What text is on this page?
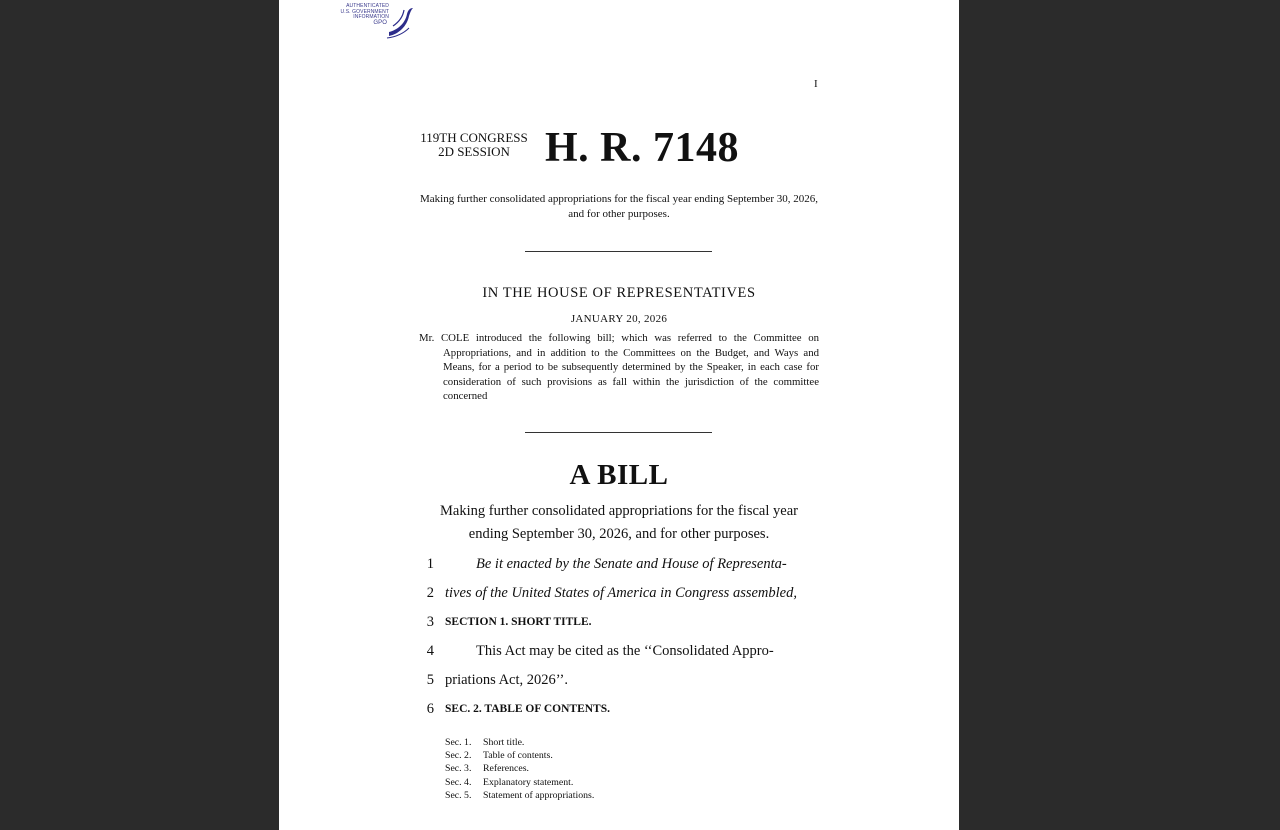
AUTHENTICATED
U.S. GOVERNMENT
INFORMATION
GPO
I
119TH CONGRESS
2D SESSION H. R. 7148
Making further consolidated appropriations for the fiscal year ending September 30, 2026, and for other purposes.
IN THE HOUSE OF REPRESENTATIVES
JANUARY 20, 2026
Mr. COLE introduced the following bill; which was referred to the Committee on Appropriations, and in addition to the Committees on the Budget, and Ways and Means, for a period to be subsequently determined by the Speaker, in each case for consideration of such provisions as fall within the jurisdiction of the committee concerned
A BILL
Making further consolidated appropriations for the fiscal year
ending September 30, 2026, and for other purposes.
1	Be it enacted by the Senate and House of Representa-
2 tives of the United States of America in Congress assembled,
3 SECTION 1. SHORT TITLE.
4	This Act may be cited as the ‘‘Consolidated Appro-
5 priations Act, 2026’’.
6 SEC. 2. TABLE OF CONTENTS.
Sec. 1. Short title.
Sec. 2. Table of contents.
Sec. 3. References.
Sec. 4. Explanatory statement.
Sec. 5. Statement of appropriations.
